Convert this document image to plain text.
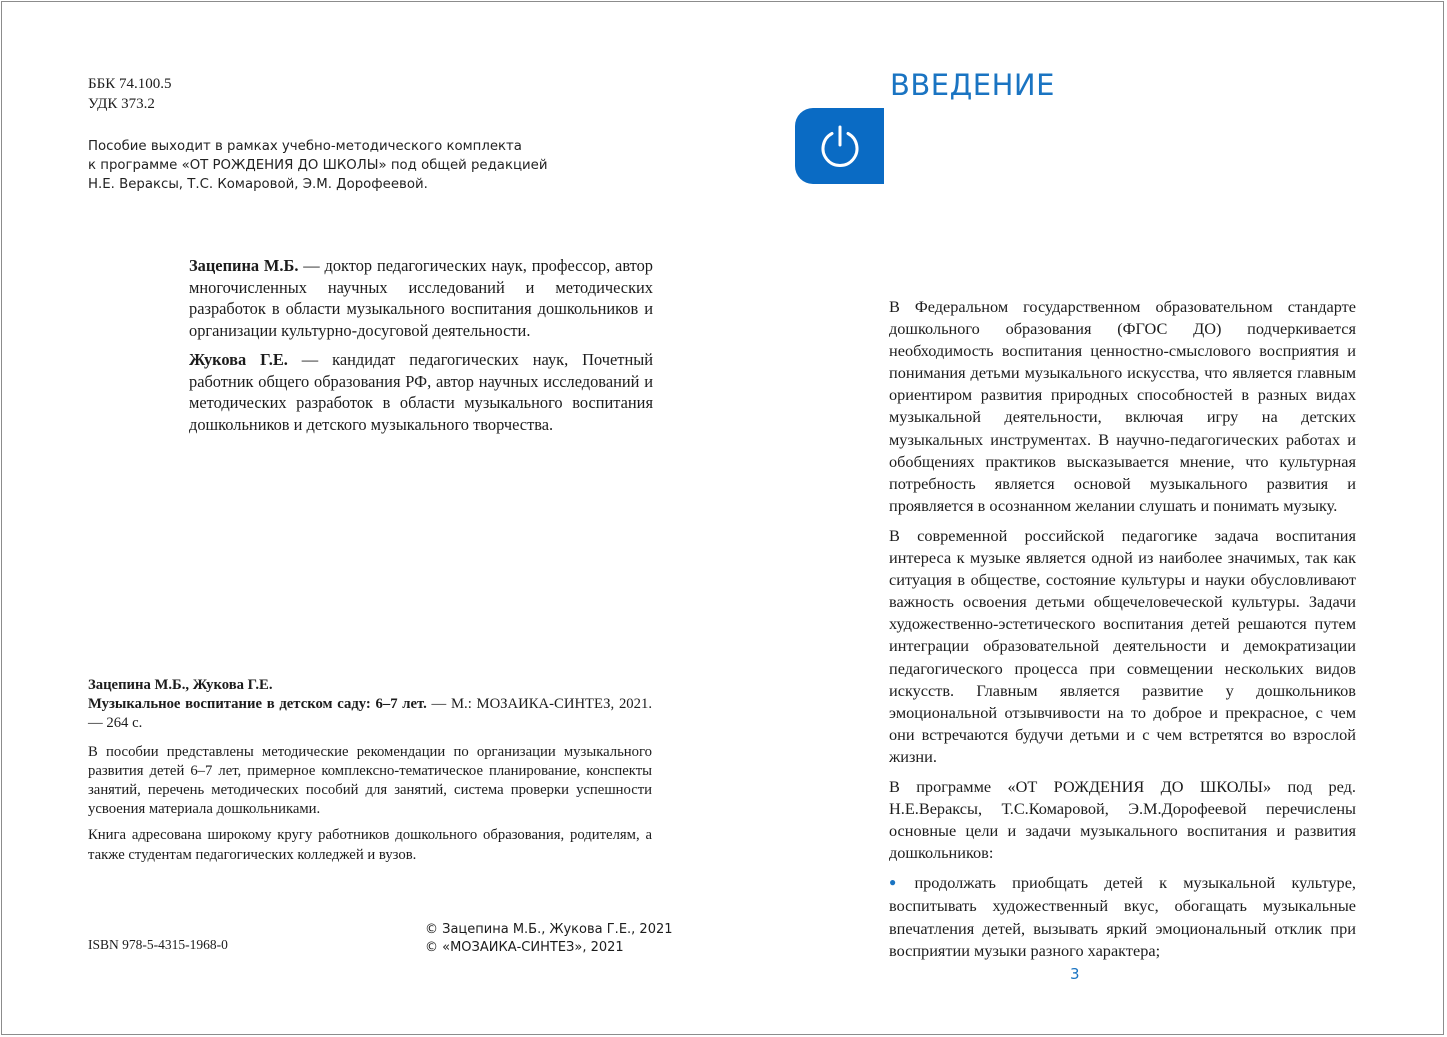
ББК 74.100.5
УДК 373.2
Пособие выходит в рамках учебно-методического комплекта
к программе «ОТ РОЖДЕНИЯ ДО ШКОЛЫ» под общей редакцией
Н.Е. Вераксы, Т.С. Комаровой, Э.М. Дорофеевой.

Зацепина М.Б. — доктор педагогических наук, профессор, автор многочисленных научных исследований и методических разработок в области музыкального воспитания дошкольников и организации культурно-досуговой деятельности.

Жукова Г.Е. — кандидат педагогических наук, Почетный работник общего образования РФ, автор научных исследований и методических разработок в области музыкального воспитания дошкольников и детского музыкального творчества.

Зацепина М.Б., Жукова Г.Е.
Музыкальное воспитание в детском саду: 6–7 лет. — М.: МОЗАИКА-СИНТЕЗ, 2021. — 264 с.

В пособии представлены методические рекомендации по организации музыкального развития детей 6–7 лет, примерное комплексно-тематическое планирование, конспекты занятий, перечень методических пособий для занятий, система проверки успешности усвоения материала дошкольниками.

Книга адресована широкому кругу работников дошкольного образования, родителям, а также студентам педагогических колледжей и вузов.

ISBN 978-5-4315-1968-0
© Зацепина М.Б., Жукова Г.Е., 2021
© «МОЗАИКА-СИНТЕЗ», 2021
ВВЕДЕНИЕ

В Федеральном государственном образовательном стандарте дошкольного образования (ФГОС ДО) подчеркивается необходимость воспитания ценностно-смыслового восприятия и понимания детьми музыкального искусства, что является главным ориентиром развития природных способностей в разных видах музыкальной деятельности, включая игру на детских музыкальных инструментах. В научно-педагогических работах и обобщениях практиков высказывается мнение, что культурная потребность является основой музыкального развития и проявляется в осознанном желании слушать и понимать музыку.

В современной российской педагогике задача воспитания интереса к музыке является одной из наиболее значимых, так как ситуация в обществе, состояние культуры и науки обусловливают важность освоения детьми общечеловеческой культуры. Задачи художественно-эстетического воспитания детей решаются путем интеграции образовательной деятельности и демократизации педагогического процесса при совмещении нескольких видов искусств. Главным является развитие у дошкольников эмоциональной отзывчивости на то доброе и прекрасное, с чем они встречаются будучи детьми и с чем встретятся во взрослой жизни.

В программе «ОТ РОЖДЕНИЯ ДО ШКОЛЫ» под ред. Н.Е.Вераксы, Т.С.Комаровой, Э.М.Дорофеевой перечислены основные цели и задачи музыкального воспитания и развития дошкольников:

● продолжать приобщать детей к музыкальной культуре, воспитывать художественный вкус, обогащать музыкальные впечатления детей, вызывать яркий эмоциональный отклик при восприятии музыки разного характера;

3
